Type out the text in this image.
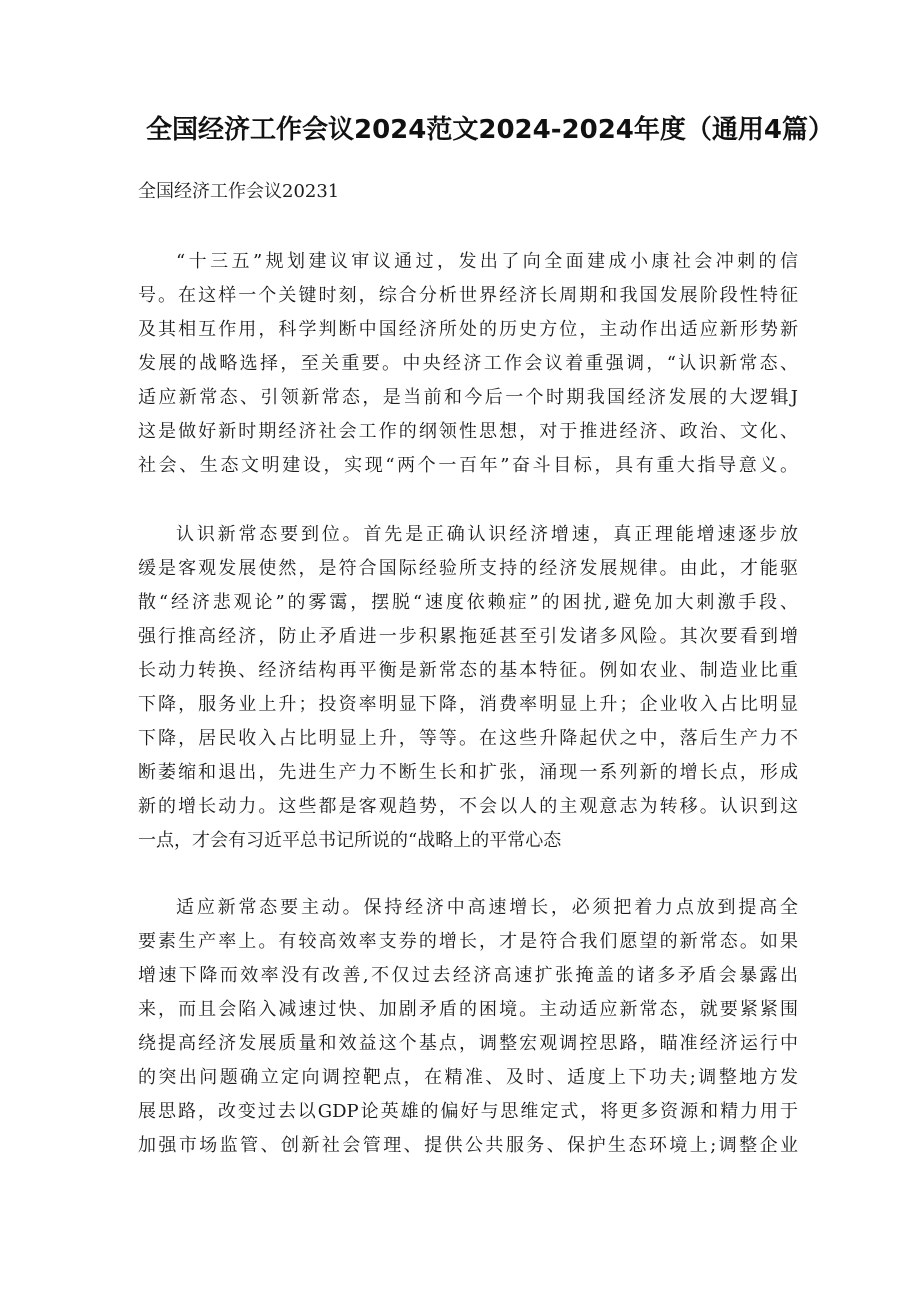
全国经济工作会议2024范文2024-2024年度（通用4篇）
全国经济工作会议20231
“十三五”规划建议审议通过，发出了向全面建成小康社会冲刺的信
号。在这样一个关键时刻，综合分析世界经济长周期和我国发展阶段性特征
及其相互作用，科学判断中国经济所处的历史方位，主动作出适应新形势新
发展的战略选择，至关重要。中央经济工作会议着重强调，“认识新常态、
适应新常态、引领新常态，是当前和今后一个时期我国经济发展的大逻辑J
这是做好新时期经济社会工作的纲领性思想，对于推进经济、政治、文化、
社会、生态文明建设，实现“两个一百年”奋斗目标，具有重大指导意义。
认识新常态要到位。首先是正确认识经济增速，真正理能增速逐步放
缓是客观发展使然，是符合国际经验所支持的经济发展规律。由此，才能驱
散“经济悲观论”的雾霭，摆脱“速度依赖症”的困扰,避免加大刺激手段、
强行推高经济，防止矛盾进一步积累拖延甚至引发诸多风险。其次要看到增
长动力转换、经济结构再平衡是新常态的基本特征。例如农业、制造业比重
下降，服务业上升；投资率明显下降，消费率明显上升；企业收入占比明显
下降，居民收入占比明显上升，等等。在这些升降起伏之中，落后生产力不
断萎缩和退出，先进生产力不断生长和扩张，涌现一系列新的增长点，形成
新的增长动力。这些都是客观趋势，不会以人的主观意志为转移。认识到这
一点，才会有习近平总书记所说的“战略上的平常心态
适应新常态要主动。保持经济中高速增长，必须把着力点放到提高全
要素生产率上。有较高效率支券的增长，才是符合我们愿望的新常态。如果
增速下降而效率没有改善,不仅过去经济高速扩张掩盖的诸多矛盾会暴露出
来，而且会陷入减速过快、加剧矛盾的困境。主动适应新常态，就要紧紧围
绕提高经济发展质量和效益这个基点，调整宏观调控思路，瞄准经济运行中
的突出问题确立定向调控靶点，在精准、及时、适度上下功夫;调整地方发
展思路，改变过去以GDP论英雄的偏好与思维定式，将更多资源和精力用于
加强市场监管、创新社会管理、提供公共服务、保护生态环境上;调整企业
